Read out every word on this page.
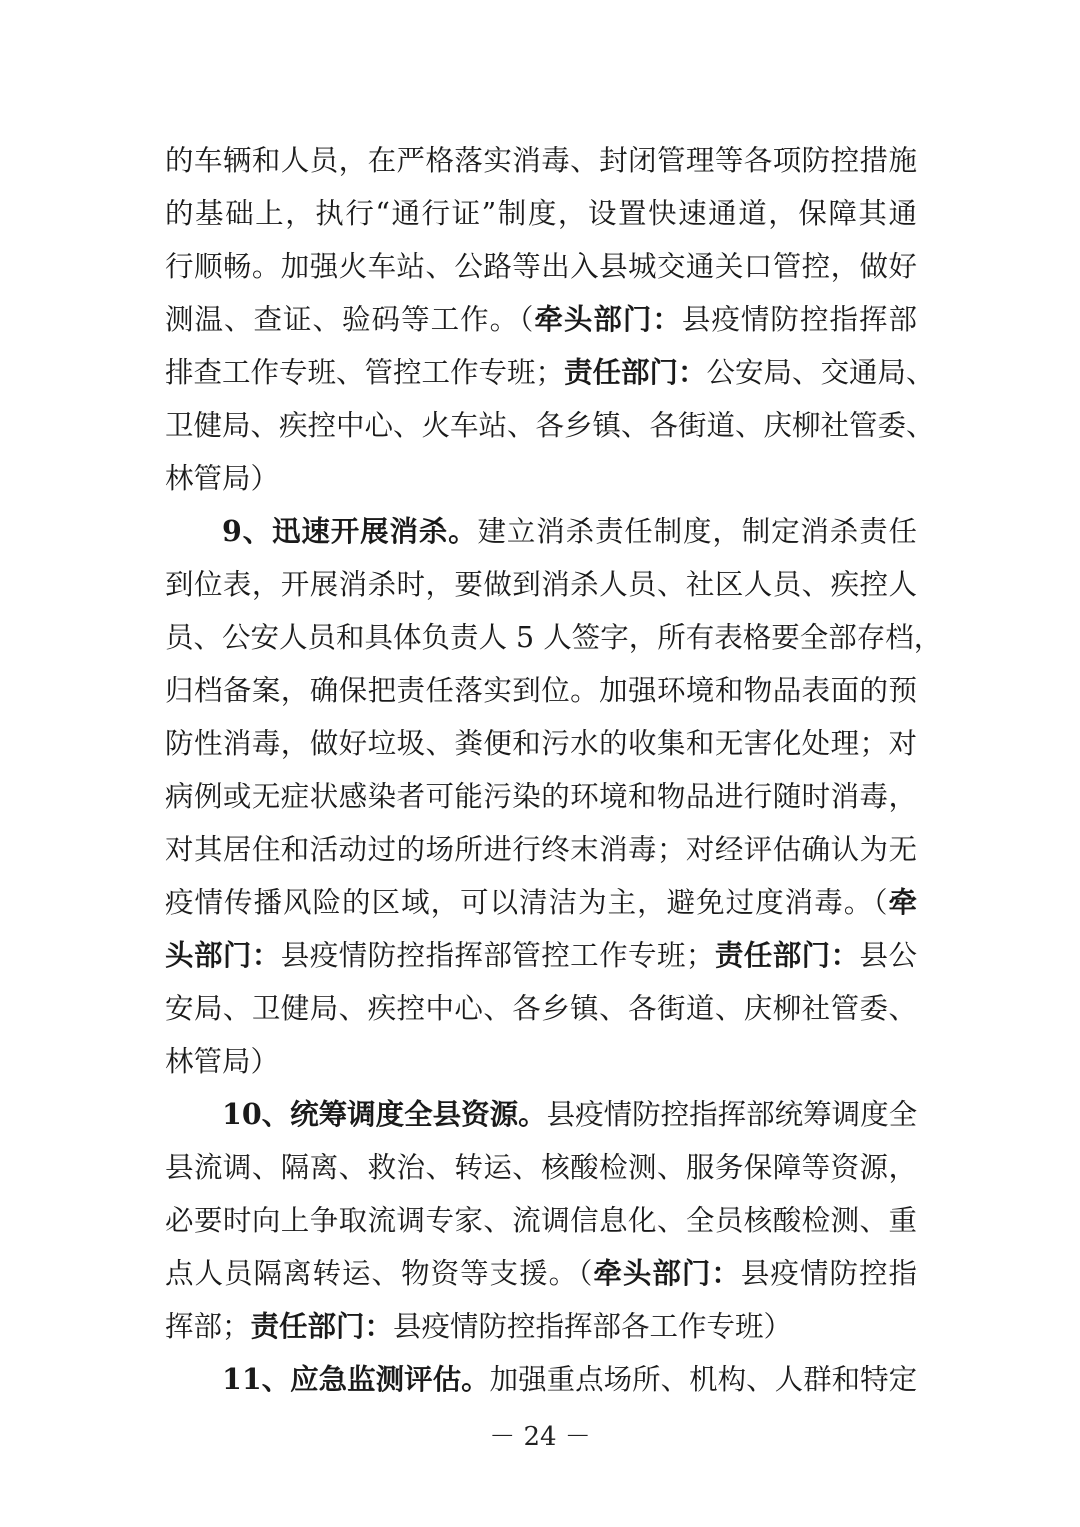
的车辆和人员，在严格落实消毒、封闭管理等各项防控措施
的基础上，执行“通行证”制度，设置快速通道，保障其通
行顺畅。加强火车站、公路等出入县城交通关口管控，做好
测温、查证、验码等工作。（牵头部门：县疫情防控指挥部
排查工作专班、管控工作专班；责任部门：公安局、交通局、
卫健局、疾控中心、火车站、各乡镇、各街道、庆柳社管委、
林管局）
9、迅速开展消杀。建立消杀责任制度，制定消杀责任
到位表，开展消杀时，要做到消杀人员、社区人员、疾控人
员、公安人员和具体负责人 5 人签字，所有表格要全部存档，
归档备案，确保把责任落实到位。加强环境和物品表面的预
防性消毒，做好垃圾、粪便和污水的收集和无害化处理；对
病例或无症状感染者可能污染的环境和物品进行随时消毒，
对其居住和活动过的场所进行终末消毒；对经评估确认为无
疫情传播风险的区域，可以清洁为主，避免过度消毒。（牵
头部门：县疫情防控指挥部管控工作专班；责任部门：县公
安局、卫健局、疾控中心、各乡镇、各街道、庆柳社管委、
林管局）
10、统筹调度全县资源。县疫情防控指挥部统筹调度全
县流调、隔离、救治、转运、核酸检测、服务保障等资源，
必要时向上争取流调专家、流调信息化、全员核酸检测、重
点人员隔离转运、物资等支援。（牵头部门：县疫情防控指
挥部；责任部门：县疫情防控指挥部各工作专班）
11、应急监测评估。加强重点场所、机构、人群和特定
－ 24 －
